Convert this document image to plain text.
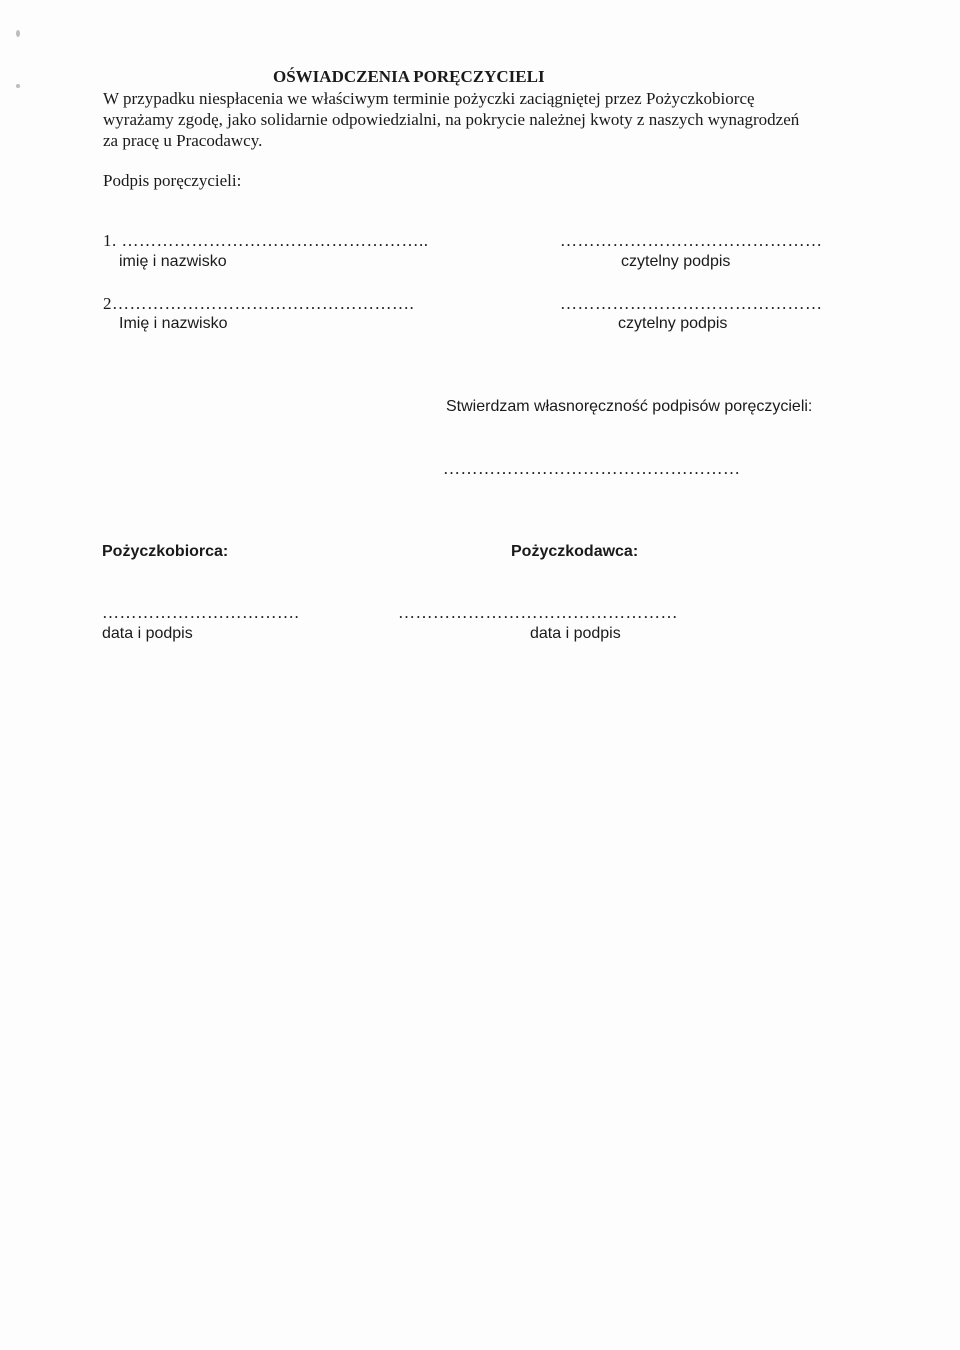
OŚWIADCZENIA PORĘCZYCIELI
W przypadku niespłacenia we właściwym terminie pożyczki zaciągniętej przez Pożyczkobiorcę
wyrażamy zgodę, jako solidarnie odpowiedzialni, na pokrycie należnej kwoty z naszych wynagrodzeń
za pracę u Pracodawcy.
Podpis poręczycieli:
1. ……………………………………………..
imię i nazwisko
………………………………………
czytelny podpis
2…………………………………………….
Imię i nazwisko
………………………………………
czytelny podpis
Stwierdzam własnoręczność podpisów poręczycieli:
……………………………………………
Pożyczkobiorca:	Pożyczkodawca:
…………………………….
data i podpis
…………………………………………
data i podpis
